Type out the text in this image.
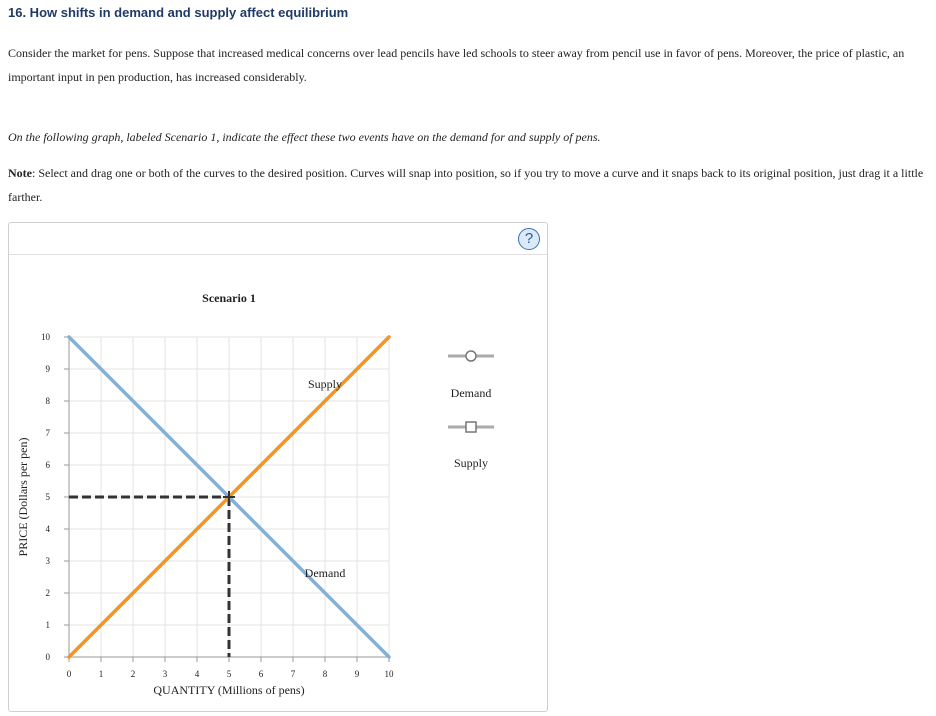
16. How shifts in demand and supply affect equilibrium
Consider the market for pens. Suppose that increased medical concerns over lead pencils have led schools to steer away from pencil use in favor of pens. Moreover, the price of plastic, an important input in pen production, has increased considerably.
On the following graph, labeled Scenario 1, indicate the effect these two events have on the demand for and supply of pens.
Note: Select and drag one or both of the curves to the desired position. Curves will snap into position, so if you try to move a curve and it snaps back to its original position, just drag it a little farther.
?
0	1	2	3	4	5	6	7	8	9	10
0
1
2
3
4
5
6
7
8
9
10
Demand
Supply
Scenario 1
QUANTITY (Millions of pens)
PRICE (Dollars per pen)
Demand
Supply
